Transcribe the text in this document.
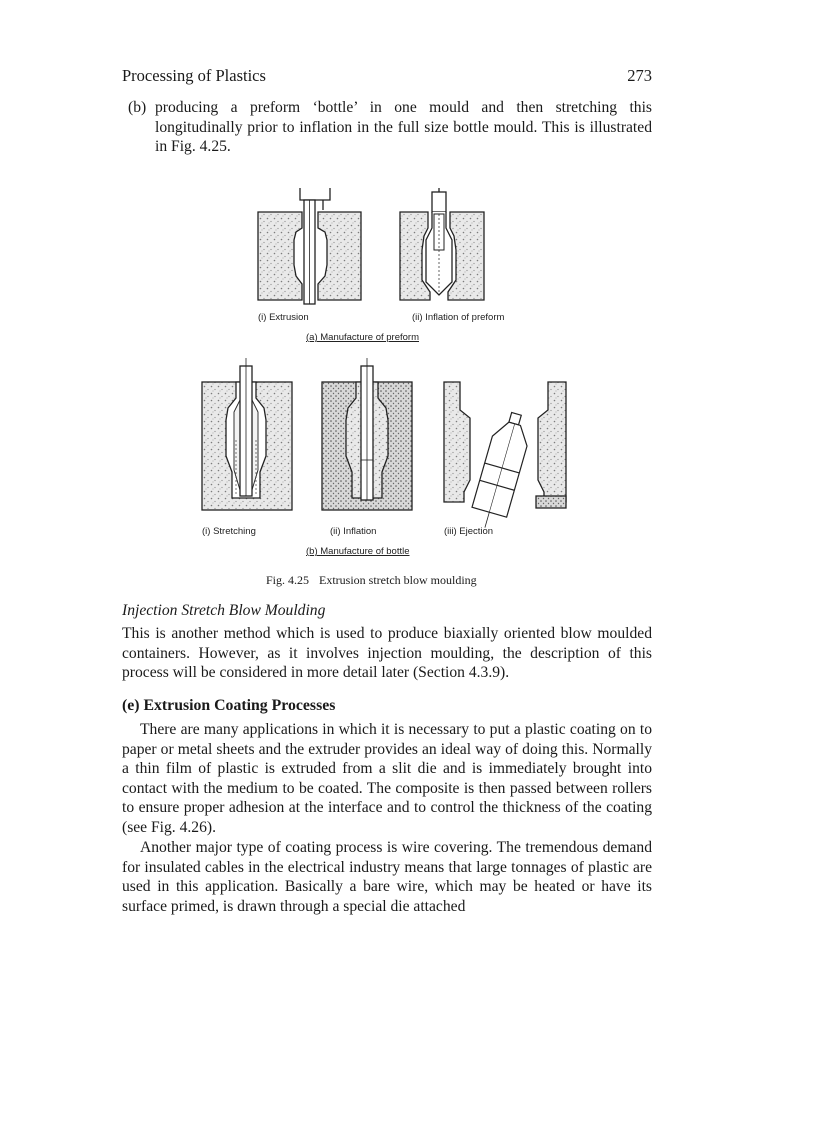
Processing of Plastics	273
(b) producing a preform ‘bottle’ in one mould and then stretching this longitudinally prior to inflation in the full size bottle mould. This is illustrated in Fig. 4.25.
(i) Extrusion	(ii) Inflation of preform
(a) Manufacture of preform
(i) Stretching	(ii) Inflation	(iii) Ejection
(b) Manufacture of bottle
Fig. 4.25 Extrusion stretch blow moulding
Injection Stretch Blow Moulding
This is another method which is used to produce biaxially oriented blow moulded containers. However, as it involves injection moulding, the description of this process will be considered in more detail later (Section 4.3.9).
(e) Extrusion Coating Processes
There are many applications in which it is necessary to put a plastic coating on to paper or metal sheets and the extruder provides an ideal way of doing this. Normally a thin film of plastic is extruded from a slit die and is immediately brought into contact with the medium to be coated. The composite is then passed between rollers to ensure proper adhesion at the interface and to control the thickness of the coating (see Fig. 4.26).
Another major type of coating process is wire covering. The tremendous demand for insulated cables in the electrical industry means that large tonnages of plastic are used in this application. Basically a bare wire, which may be heated or have its surface primed, is drawn through a special die attached
